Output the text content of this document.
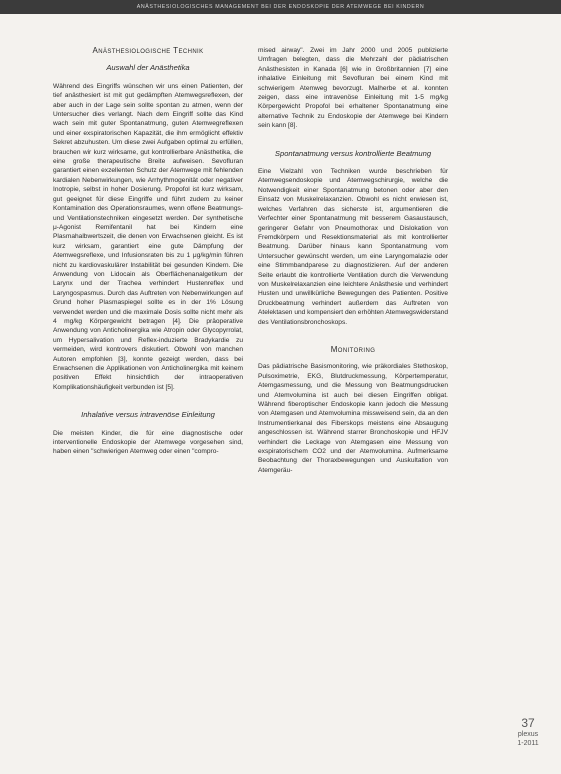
ANÄSTHESIOLOGISCHES MANAGEMENT BEI DER ENDOSKOPIE DER ATEMWEGE BEI KINDERN
Anästhesiologische Technik
Auswahl der Anästhetika

Während des Eingriffs wünschen wir uns einen Patienten, der tief anästhesiert ist mit gut gedämpften Atemwegsreflexen, der aber auch in der Lage sein sollte spontan zu atmen, wenn der Untersucher dies verlangt. Nach dem Eingriff sollte das Kind wach sein mit guter Spontanatmung, guten Atemwegreflexen und einer exspiratorischen Kapazität, die ihm ermöglicht effektiv Sekret abzuhusten. Um diese zwei Aufgaben optimal zu erfüllen, brauchen wir kurz wirksame, gut kontrollierbare Anästhetika, die eine große therapeutische Breite aufweisen. Sevofluran garantiert einen exzellenten Schutz der Atemwege mit fehlenden kardialen Nebenwirkungen, wie Arrhythmogenität oder negativer Inotropie, selbst in hoher Dosierung. Propofol ist kurz wirksam, gut geeignet für diese Eingriffe und führt zudem zu keiner Kontamination des Operationsraumes, wenn offene Beatmungs- und Ventilationstechniken eingesetzt werden. Der synthetische μ-Agonist Remifentanil hat bei Kindern eine Plasmahalbwertszeit, die denen von Erwachsenen gleicht. Es ist kurz wirksam, garantiert eine gute Dämpfung der Atemwegsreflexe, und Infusionsraten bis zu 1 μg/kg/min führen nicht zu kardiovaskulärer Instabilität bei gesunden Kindern. Die Anwendung von Lidocain als Oberflächenanalgetikum der Larynx und der Trachea verhindert Hustenreflex und Laryngospasmus. Durch das Auftreten von Nebenwirkungen auf Grund hoher Plasmaspiegel sollte es in der 1% Lösung verwendet werden und die maximale Dosis sollte nicht mehr als 4 mg/kg Körpergewicht betragen [4]. Die präoperative Anwendung von Anticholinergika wie Atropin oder Glycopyrrolat, um Hypersalivation und Reflex-induzierte Bradykardie zu vermeiden, wird kontrovers diskutiert. Obwohl von manchen Autoren empfohlen [3], konnte gezeigt werden, dass bei Erwachsenen die Applikationen von Anticholinergika mit keinem positiven Effekt hinsichtlich der intraoperativen Komplikationshäufigkeit verbunden ist [5].

Inhalative versus intravenöse Einleitung

Die meisten Kinder, die für eine diagnostische oder interventionelle Endoskopie der Atemwege vorgesehen sind, haben einen "schwierigen Atemweg oder einen "compro-

mised airway". Zwei im Jahr 2000 und 2005 publizierte Umfragen belegten, dass die Mehrzahl der pädiatrischen Anästhesisten in Kanada [6] wie in Großbritannien [7] eine inhalative Einleitung mit Sevofluran bei einem Kind mit schwierigem Atemweg bevorzugt. Malherbe et al. konnten zeigen, dass eine intravenöse Einleitung mit 1-5 mg/kg Körpergewicht Propofol bei erhaltener Spontanatmung eine alternative Technik zu Endoskopie der Atemwege bei Kindern sein kann [8].

Spontanatmung versus kontrollierte Beatmung

Eine Vielzahl von Techniken wurde beschrieben für Atemwegsendoskopie und Atemwegschirurgie, welche die Notwendigkeit einer Spontanatmung betonen oder aber den Einsatz von Muskelrelaxanzien. Obwohl es nicht erwiesen ist, welches Verfahren das sicherste ist, argumentieren die Verfechter einer Spontanatmung mit besserem Gasaustausch, geringerer Gefahr von Pneumothorax und Dislokation von Fremdkörpern und Resektionsmaterial als mit kontrollierter Beatmung. Darüber hinaus kann Spontanatmung vom Untersucher gewünscht werden, um eine Laryngomalazie oder eine Stimmbandparese zu diagnostizieren. Auf der anderen Seite erlaubt die kontrollierte Ventilation durch die Verwendung von Muskelrelaxanzien eine leichtere Anästhesie und verhindert Husten und unwillkürliche Bewegungen des Patienten. Positive Druckbeatmung verhindert außerdem das Auftreten von Atelektasen und kompensiert den erhöhten Atemwegswiderstand des Ventilationsbronchoskops.

Monitoring

Das pädiatrische Basismonitoring, wie präkordiales Stethoskop, Pulsoximetrie, EKG, Blutdruckmessung, Körpertemperatur, Atemgasmessung, und die Messung von Beatmungsdrucken und Atemvolumina ist auch bei diesen Eingriffen obligat. Während fiberoptischer Endoskopie kann jedoch die Messung von Atemgasen und Atemvolumina missweisend sein, da an den Instrumentierkanal des Fiberskops meistens eine Absaugung angeschlossen ist. Während starrer Bronchoskopie und HFJV verhindert die Leckage von Atemgasen eine Messung von exspiratorischem CO2 und der Atemvolumina. Aufmerksame Beobachtung der Thoraxbewegungen und Auskultation von Atemgeräu-

37
plexus
1-2011
